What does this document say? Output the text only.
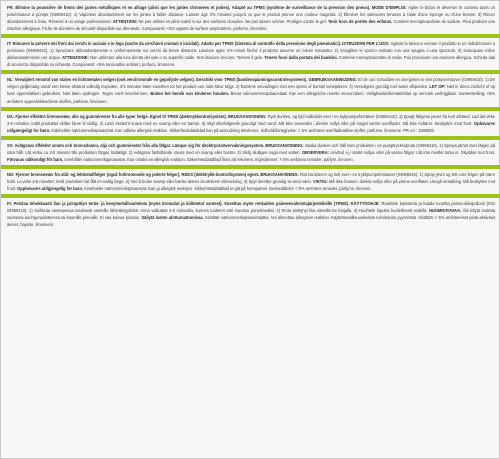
FR: Élimine la poussière de freins des jantes métalliques et en alliage (ainsi que les jantes chromées et polies). Adapté au TPMS (système de surveillance de la pression des pneus). MODE D'EMPLOI: Agiter le bidon et déverser le contenu dans un pulvérisateur à pompe (04969410). 1) Vaporiser abondamment sur les jantes à faible distance. Laisser agir 3-5 minutes jusqu'à ce que le produit prenne une couleur magenta. 2) Éliminer les salissures tenaces à l'aide d'une éponge ou d'une brosse. 3) Rincer abondamment à l'eau. Réservé à un usage professionnel. ATTENTION: Ne pas utiliser en plein soleil ni sur des surfaces chaudes. Ne pas laisser sécher. Protéger contre le gel. Tenir hors de portée des enfants. Contient mercaptoacétate de sodium. Peut produire une réaction allergique. Fiche de données de sécurité disponible sur demande. Composants: <5% agents de surface amphotères, parfums, limonène.

IT: Rimuove la polvere dei freni dai cerchi in acciaio e in lega (anche da cerchioni cromati e lucidati). Adatto per TPMS (Sistema di controllo della pressione degli pneumatici). ISTRUZIONI PER L'USO: Agitare la tanica e versare il prodotto in un nebulizzatore a pressione (04969410). 1) Spruzzare abbondantemente e uniformemente sui cerchi da breve distanza. Lasciare agire 3-5 minuti finché il prodotto assume un colore rossastro. 2) Sciogliere lo sporco ostinato con una spugna o una spazzola. 3) Sciacquare infine abbondantemente con acqua. ATTENZIONE: Non utilizzare alla luce diretta del sole o su superfici calde. Non lasciare seccare. Temere il gelo. Tenere fuori dalla portata dei bambini. Contiene mercaptoacetato di sodio. Può provocare una reazione allergica. Scheda dati di sicurezza disponibile su richiesta. Componenti: <5% tensioattivi anfoteri, profumi, limonene.

NL: Verwijdert remstof van stalen en lichtmetalen velgen (ook verchroomde en gepolijste velgen). Geschikt voor TPMS (bandenspanningscontrolesysteem). GEBRUIKSAANWIJZING: Er de can schudden en overgieten in een pompverstuiver (04969410). 1) De velgen gelijkmatig vanaf een kleine afstand volledig inspuiten. 3-5 minuten laten inwerken tot het product een rode kleur krijgt. 2) Extreme vervuilingen met een spons of borstel verwijderen. 3) Vervolgens grondig met water afspoelen. LET OP: Niet in direct zonlicht of op hete oppervlakken gebruiken. Niet laten opdrogen. Tegen vorst beschermen. Buiten het bereik van kinderen houden. Bevat natriummercaptoacetaat. Kan een allergische reactie veroorzaken. Veiligheidsinformatieblad op verzoek verkrijgbaar. Samenstelling: <5% amfotere oppervlakteactieve stoffen, parfums, limoneen.

DA: Fjerner effektivt bremsestøv, olie og gummirester fra alle typer fælge. Egnet til TPMS (dæktrykkontrolsystem). BRUGSANVISNING: Ryst dunken, og fyld indholdet over i en trykpumpeforstøver (04969410). 1) Sprøjt fælgene jævnt fra kort afstand. Lad det virke 3-5 minutter, indtil produktet skifter farve til rødlig. 2) Løsn eksternt snavs med en svamp eller en børste. 3) Skyl efterfølgende grundigt med vand. Må ikke anvendes i direkte sollys eller på meget varme overflader. Må ikke indtørre. Beskyttes mod frost. Opbevares utilgængeligt for børn. Indeholder natriummerkaptoacetat. Kan udløse allergisk reaktion. Sikkerhedsdatablad kan på anmodning rekvireres. Indholdsfortegnelse: < 5% amfotere overfladeaktive stoffer, parfume, limonene. PR.-nr.: 1386583

SV: Avlägsnar effektivt smuts och bromsdamm, olja och gummirester från alla fälgar. Lämpar sig för däcktrycksövervakningssystem. BRUKSANVISNING: Skaka dunken och häll över produkten i en pumptrycksspruta (04969410). 1) Spraya jämnt över fälgen på nära håll. Låt verka ca 3-5 minuter tills produkten färgas rödaktigt. 2) Avlägsna fastsittande smuts med en svamp eller borste. 3) Skölj slutligen noga med vatten. OBSERVERA: Använd ej i starkt solljus eller på varma fälgar. Låt inte medlet torka in. Skyddas mot frost. Förvaras oåtkomligt för barn. Innehåller natriummerkaptoacetat. Kan orsaka en allergisk reaktion. Säkerhetsdatablad finns att rekvirera. Ingredienser: < 5% amfotera tensider, parfym, limonen.

NO: Fjerner bremsestøv fra stål- og lettmetallfelger (også forkrommede og polerte felger). RDKS (dekktrykk-kontrollsystem) egnet. BRUKSANVISNING: Rist kanisteren og hell over i en trykkpumpeforstøver (04969410). 1) Spray jevnt og tett over felgen på nære hold. La virke 3-5 minutter, inntil produktet har fått en rødlig farge. 2) Ved å bruke svamp eller børste løsner du ekstrem tilsmussing. 3) Spyl deretter grundig av med vann. VIKTIG: Må ikke brukes i direkte sollys eller på varme overflater. Unngå inntørking. Må beskyttes mot frost. Oppbevares utilgjengelig for barn. Inneholder natriummerkaptoacetat. Kan gi allergisk reaksjon. Sikkerhetsdatablad er gitt på forespørsel. Bestanddeler: < 5% amfotere tensider, parfyme, limonen.

FI: Poistaa tehokkaasti lian ja jarrupölyn teräs- ja kevytmetallivanteista (myös kromatut ja kiillotetut vanteet). Soveltuu myös renkaiden paineenvalvontajärjestelmille (TPMS). KÄYTTÖOHJE: Ravistele kanisteria ja kaada tuotetta paineruiskupulloon (ISO 04969410). 1) Suihkuta vannepesua tasaisesti vanteille lähietäisyydeltä. Anna vaikuttaa 3-5 minuuttia, kunnes tuotteen väri muuttuu punertavaksi. 2) Irrota pinttynyt lika sienellä tai harjalla. 3) Huuhtele lopuksi huolellisesti vedellä. HUOMIOITAVAA: Älä käytä tuotetta suorassa auringonpaisteessa tai kuumille pinnoille. Ei saa kuivua pintaan. Säilytä lasten ulottumattomissa. Sisältää natriummerkaptoasetaattia. Voi aiheuttaa allergisen reaktion. Käyttöturvallisuustiedote toimitetaan pyynnöstä. Sisältöä: < 5% amfoteeriset pinta-aktiiviset aineet, hajuste, limoneeni.
